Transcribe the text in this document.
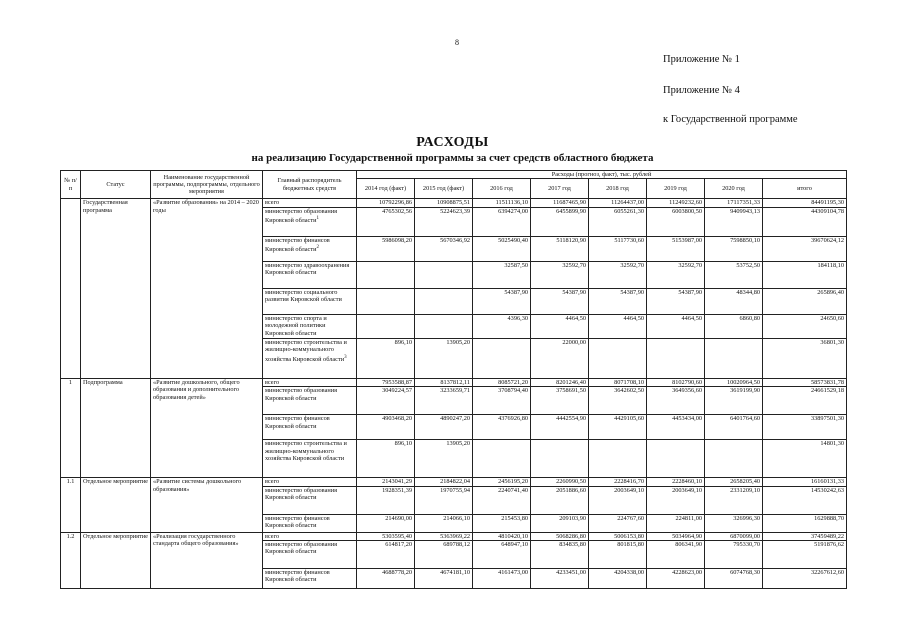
8
Приложение № 1
Приложение № 4
к Государственной программе
РАСХОДЫ
на реализацию Государственной программы за счет средств областного бюджета
№ п/п	Статус	Наименование государственной программы, подпрограммы, отдельного мероприятия	Главный распорядитель бюджетных средств	Расходы (прогноз, факт), тыс. рублей							
				2014 год (факт)	2015 год (факт)	2016 год	2017 год	2018 год	2019 год	2020 год	итого
	Государственная программа	«Развитие образования» на 2014 – 2020 годы	всего	10792296,86	10908875,51	11511136,10	11687465,90	11264437,00	11249232,60	17117351,33	84491195,30
			министерство образования Кировской области$^1$	4765302,56	5224623,39	6394274,00	6455899,90	6055261,30	6003800,50	9409943,13	44309104,78
			министерство финансов Кировской области$^2$	5986098,20	5670346,92	5025490,40	5118120,90	5117730,60	5153987,00	7598850,10	39670624,12
			министерство здравоохранения Кировской области			32587,50	32592,70	32592,70	32592,70	53752,50	184118,10
			министерство социального развития Кировской области			54387,90	54387,90	54387,90	54387,90	48344,80	265896,40
			министерство спорта и молодежной политики Кировской области			4396,30	4464,50	4464,50	4464,50	6860,80	24650,60
			министерство строительства и жилищно-коммунального хозяйства Кировской области$^3$	896,10	13905,20		22000,00				36801,30
1	Подпрограмма	«Развитие дошкольного, общего образования и дополнительного образования детей»	всего	7953588,87	8137812,11	8085721,20	8201246,40	8071708,10	8102790,60	10020964,50	58573831,78
			министерство образования Кировской области	3049224,57	3233659,71	3708794,40	3758691,50	3642602,50	3649356,60	3619199,90	24661529,18
			министерство финансов Кировской области	4903468,20	4890247,20	4376926,80	4442554,90	4429105,60	4453434,00	6401764,60	33897501,30
			министерство строительства и жилищно-коммунального хозяйства Кировской области	896,10	13905,20						14801,30
1.1	Отдельное мероприятие	«Развитие системы дошкольного образования»	всего	2143041,29	2184822,04	2456195,20	2260990,50	2228416,70	2228460,10	2658205,40	16160131,33
			министерство образования Кировской области	1928351,39	1970755,94	2240741,40	2051886,60	2003649,10	2003649,10	2331209,10	14530242,63
			министерство финансов Кировской области	214690,00	214066,10	215453,80	209103,90	224767,60	224811,00	326996,30	1629888,70
1.2	Отдельное мероприятие	«Реализация государственного стандарта общего образования»	всего	5303595,40	5363969,22	4810420,10	5068286,80	5006153,80	5034964,90	6870099,00	37459489,22
			министерство образования Кировской области	614817,20	689788,12	648947,10	834835,80	801815,80	806341,90	795330,70	5191876,62
			министерство финансов Кировской области	4688778,20	4674181,10	4161473,00	4233451,00	4204338,00	4228623,00	6074768,30	32267612,60
